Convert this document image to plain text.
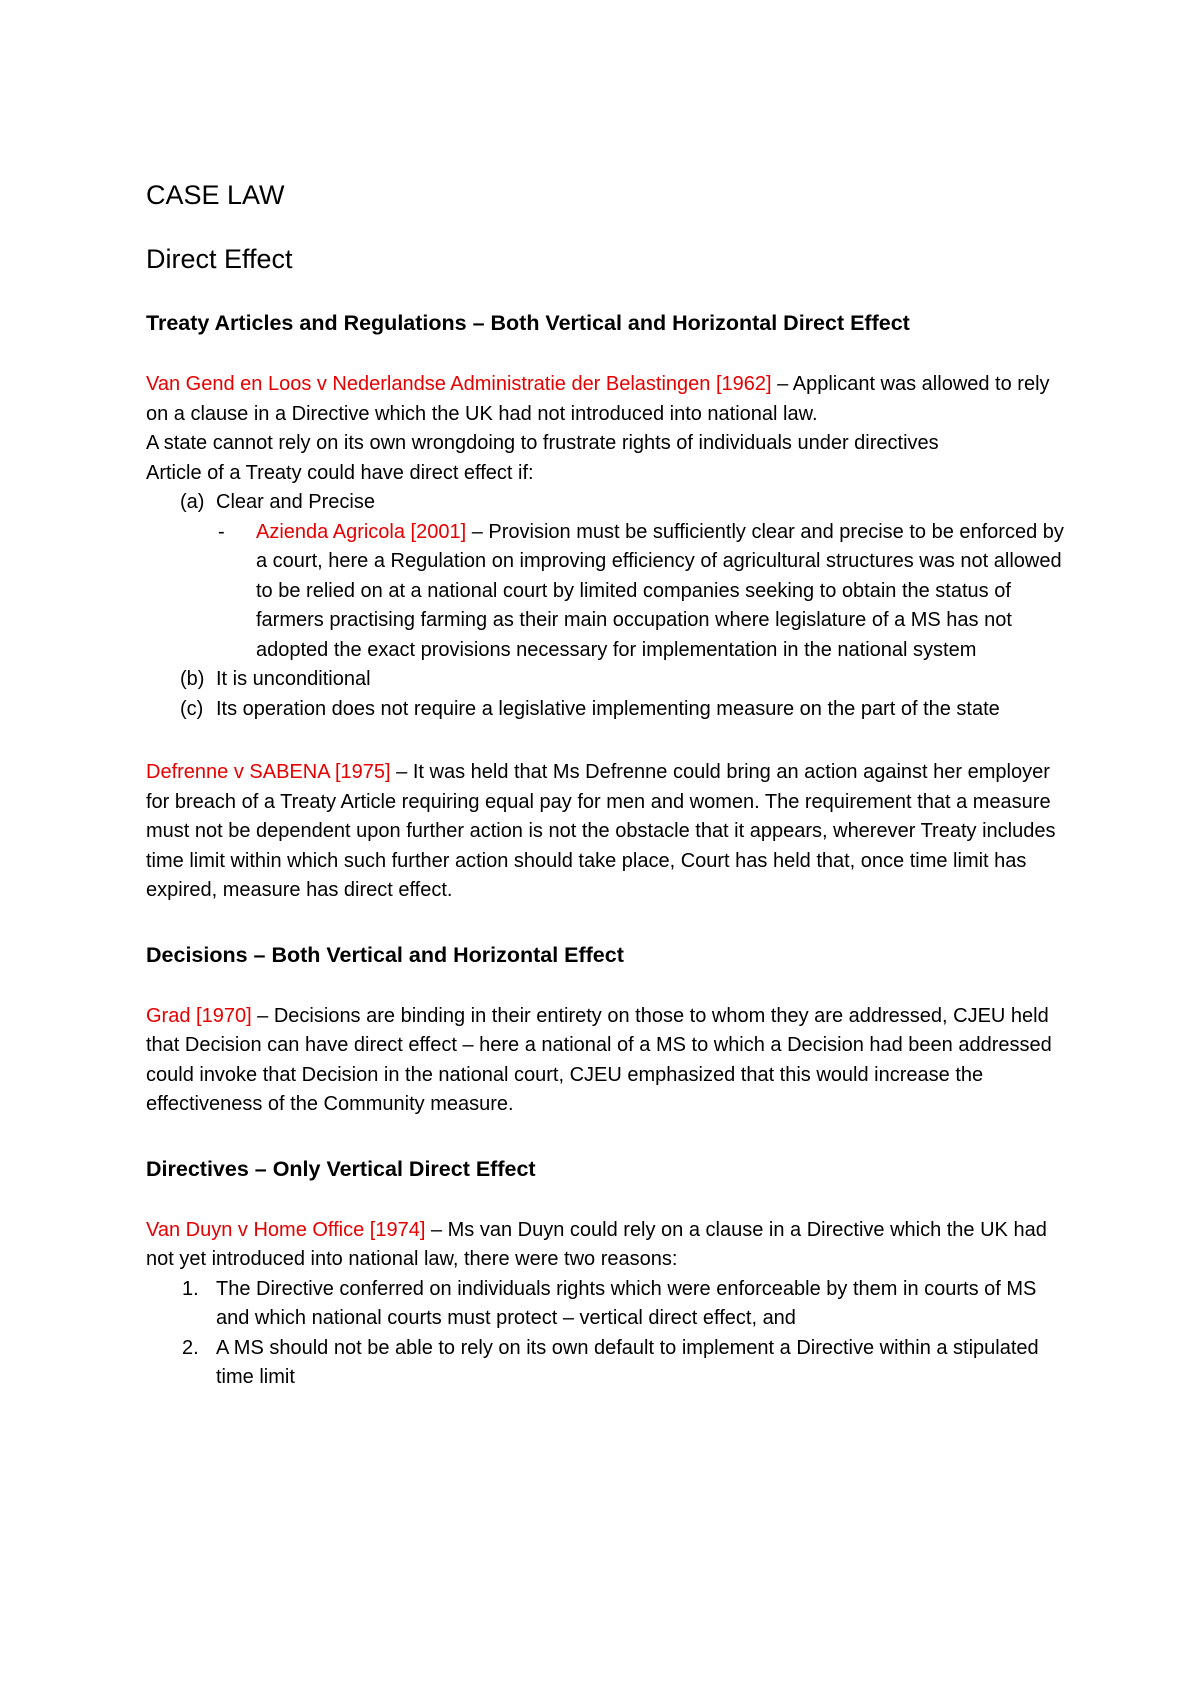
CASE LAW
Direct Effect
Treaty Articles and Regulations – Both Vertical and Horizontal Direct Effect

Van Gend en Loos v Nederlandse Administratie der Belastingen [1962] – Applicant was allowed to rely on a clause in a Directive which the UK had not introduced into national law.

A state cannot rely on its own wrongdoing to frustrate rights of individuals under directives

Article of a Treaty could have direct effect if:

(a) Clear and Precise
- Azienda Agricola [2001] – Provision must be sufficiently clear and precise to be enforced by a court, here a Regulation on improving efficiency of agricultural structures was not allowed to be relied on at a national court by limited companies seeking to obtain the status of farmers practising farming as their main occupation where legislature of a MS has not adopted the exact provisions necessary for implementation in the national system
(b) It is unconditional
(c) Its operation does not require a legislative implementing measure on the part of the state

Defrenne v SABENA [1975] – It was held that Ms Defrenne could bring an action against her employer for breach of a Treaty Article requiring equal pay for men and women. The requirement that a measure must not be dependent upon further action is not the obstacle that it appears, wherever Treaty includes time limit within which such further action should take place, Court has held that, once time limit has expired, measure has direct effect.

Decisions – Both Vertical and Horizontal Effect

Grad [1970] – Decisions are binding in their entirety on those to whom they are addressed, CJEU held that Decision can have direct effect – here a national of a MS to which a Decision had been addressed could invoke that Decision in the national court, CJEU emphasized that this would increase the effectiveness of the Community measure.

Directives – Only Vertical Direct Effect

Van Duyn v Home Office [1974] – Ms van Duyn could rely on a clause in a Directive which the UK had not yet introduced into national law, there were two reasons:

1. The Directive conferred on individuals rights which were enforceable by them in courts of MS and which national courts must protect – vertical direct effect, and
2. A MS should not be able to rely on its own default to implement a Directive within a stipulated time limit
